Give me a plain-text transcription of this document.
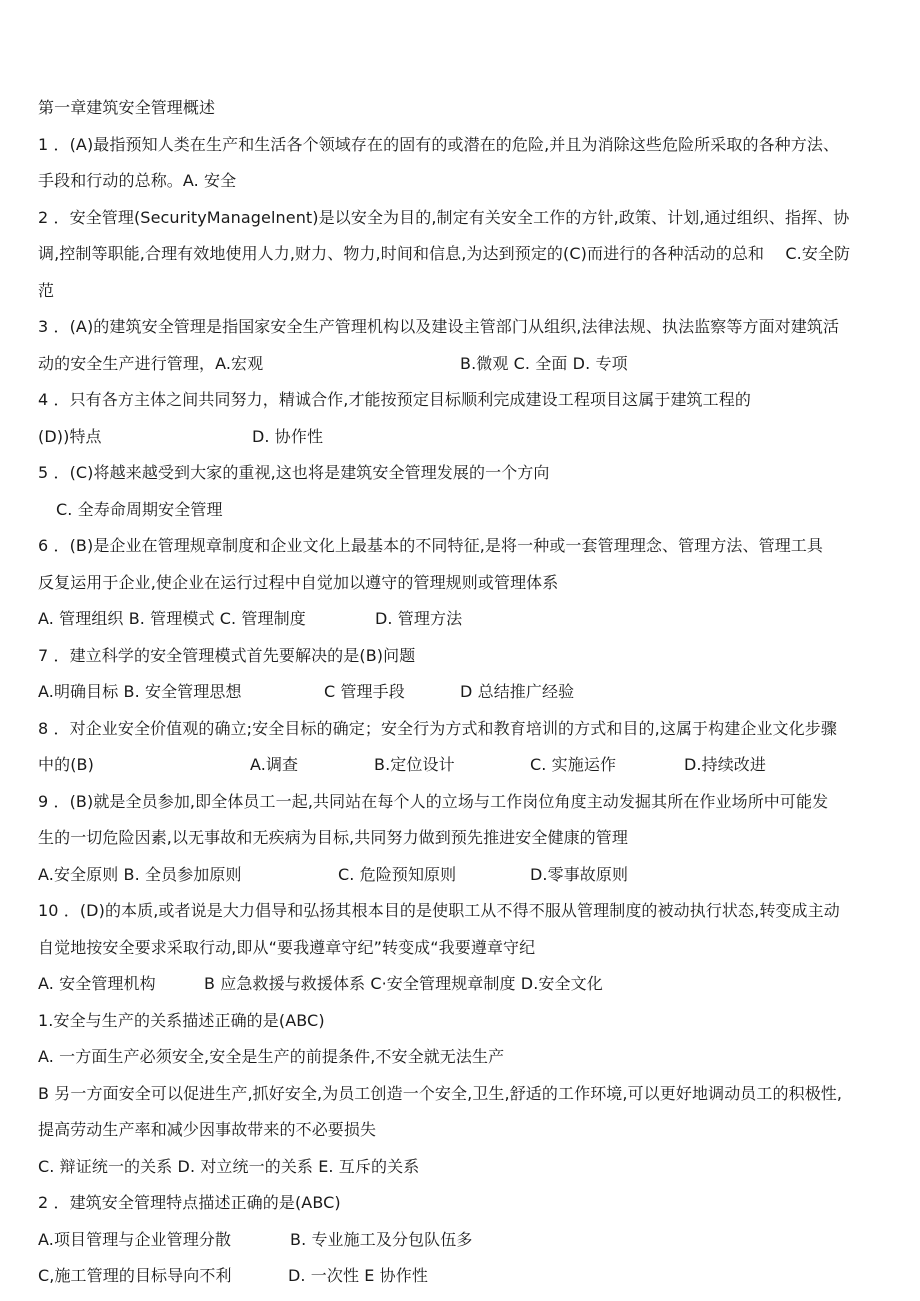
第一章建筑安全管理概述
1 ．(A)最指预知人类在生产和生活各个领域存在的固有的或潜在的危险,并且为消除这些危险所采取的各种方法、
手段和行动的总称。A. 安全
2 ．安全管理(SecurityManagelnent)是以安全为目的,制定有关安全工作的方针,政策、计划,通过组织、指挥、协
调,控制等职能,合理有效地使用人力,财力、物力,时间和信息,为达到预定的(C)而进行的各种活动的总和　 C.安全防
范
3 ．(A)的建筑安全管理是指国家安全生产管理机构以及建设主管部门从组织,法律法规、执法监察等方面对建筑活
动的安全生产进行管理，A.宏观	B.微观 C. 全面 D. 专项
4 ．只有各方主体之间共同努力，精诚合作,才能按预定目标顺利完成建设工程项目这属于建筑工程的
(D))特点	D. 协作性
5 ．(C)将越来越受到大家的重视,这也将是建筑安全管理发展的一个方向
C. 全寿命周期安全管理
6 ．(B)是企业在管理规章制度和企业文化上最基本的不同特征,是将一种或一套管理理念、管理方法、管理工具
反复运用于企业,使企业在运行过程中自觉加以遵守的管理规则或管理体系
A. 管理组织 B. 管理模式 C. 管理制度	D. 管理方法
7 ．建立科学的安全管理模式首先要解决的是(B)问题
A.明确目标 B. 安全管理思想	C 管理手段	D 总结推广经验
8 ．对企业安全价值观的确立;安全目标的确定；安全行为方式和教育培训的方式和目的,这属于构建企业文化步骤
中的(B)	A.调查	B.定位设计	C. 实施运作	D.持续改进
9 ．(B)就是全员参加,即全体员工一起,共同站在每个人的立场与工作岗位角度主动发掘其所在作业场所中可能发
生的一切危险因素,以无事故和无疾病为目标,共同努力做到预先推进安全健康的管理
A.安全原则 B. 全员参加原则	C. 危险预知原则	D.零事故原则
10 ．(D)的本质,或者说是大力倡导和弘扬其根本目的是使职工从不得不服从管理制度的被动执行状态,转变成主动
自觉地按安全要求采取行动,即从“要我遵章守纪”转变成“我要遵章守纪
A. 安全管理机构	B 应急救援与救援体系 C·安全管理规章制度 D.安全文化
1.安全与生产的关系描述正确的是(ABC)
A. 一方面生产必须安全,安全是生产的前提条件,不安全就无法生产
B 另一方面安全可以促进生产,抓好安全,为员工创造一个安全,卫生,舒适的工作环境,可以更好地调动员工的积极性,
提高劳动生产率和减少因事故带来的不必要损失
C. 辩证统一的关系 D. 对立统一的关系 E. 互斥的关系
2 ．建筑安全管理特点描述正确的是(ABC)
A.项目管理与企业管理分散	B. 专业施工及分包队伍多
C,施工管理的目标导向不利	D. 一次性 E 协作性
